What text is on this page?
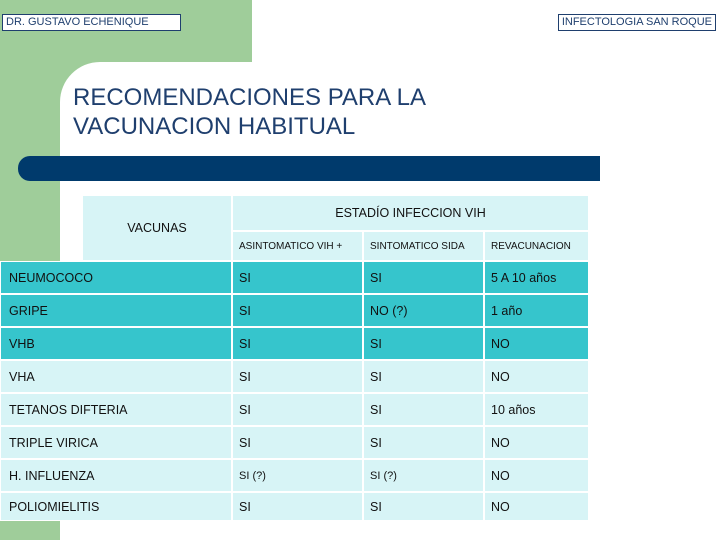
DR. GUSTAVO ECHENIQUE	INFECTOLOGIA SAN ROQUE
RECOMENDACIONES PARA LA
VACUNACION HABITUAL
VACUNAS
ESTADÍO INFECCION VIH
ASINTOMATICO VIH +	SINTOMATICO SIDA	REVACUNACION
NEUMOCOCO	SI	SI	5 A 10 años
GRIPE	SI	NO (?)	1 año
VHB	SI	SI	NO
VHA	SI	SI	NO
TETANOS DIFTERIA	SI	SI	10 años
TRIPLE VIRICA	SI	SI	NO
H. INFLUENZA	SI (?)	SI (?)	NO
POLIOMIELITIS	SI	SI	NO
